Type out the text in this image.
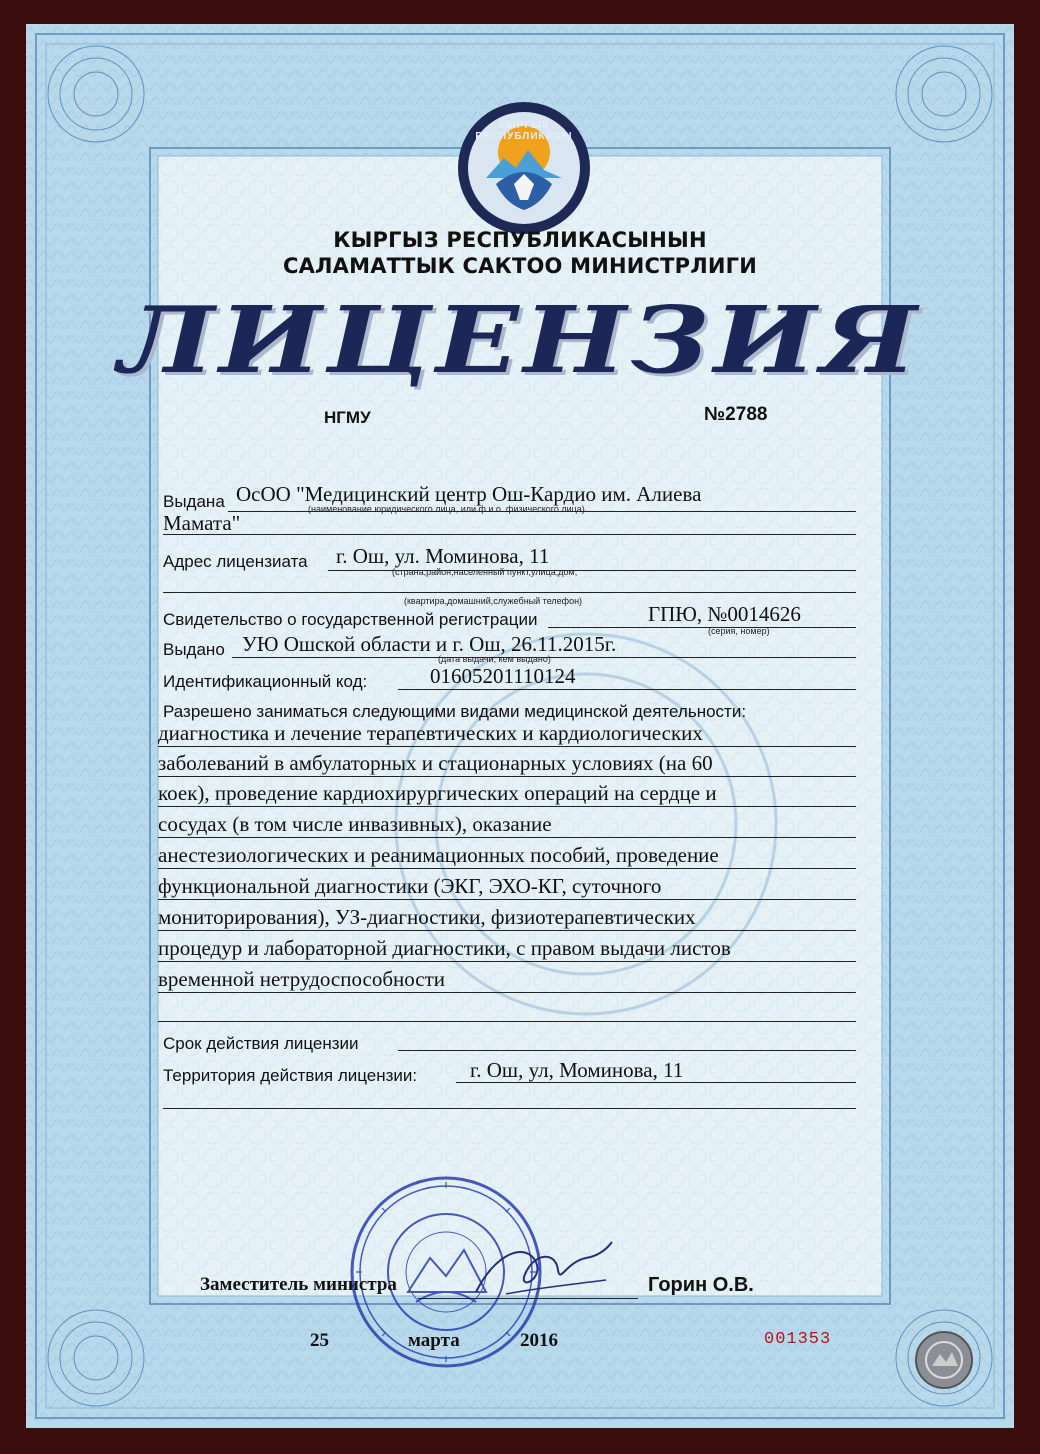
КЫРГЫЗ РЕСПУБЛИКАСЫ
КЫРГЫЗ РЕСПУБЛИКАСЫНЫН
САЛАМАТТЫК САКТОО МИНИСТРЛИГИ
ЛИЦЕНЗИЯ
НГМУ	№2788
Выдана ОсОО "Медицинский центр Ош-Кардио им. Алиева
(наименование юридического лица, или ф.и.о. физического лица)
Мамата"
Адрес лицензиата г. Ош, ул. Моминова, 11
(страна,район,населенный пункт,улица,дом,
(квартира,домашний,служебный телефон)
Свидетельство о государственной регистрации	ГПЮ, №0014626
(серия, номер)
Выдано УЮ Ошской области и г. Ош, 26.11.2015г.
(дата выдачи, кем выдано)
Идентификационный код:	01605201110124
Разрешено заниматься следующими видами медицинской деятельности:
диагностика и лечение терапевтических и кардиологических
заболеваний в амбулаторных и стационарных условиях (на 60
коек), проведение кардиохирургических операций на сердце и
сосудах (в том числе инвазивных), оказание
анестезиологических и реанимационных пособий, проведение
функциональной диагностики (ЭКГ, ЭХО-КГ, суточного
мониторирования), УЗ-диагностики, физиотерапевтических
процедур и лабораторной диагностики, с правом выдачи листов
временной нетрудоспособности
Срок действия лицензии
Территория действия лицензии:	г. Ош, ул, Моминова, 11
Заместитель министра	Горин О.В.
25	марта	2016	001353
